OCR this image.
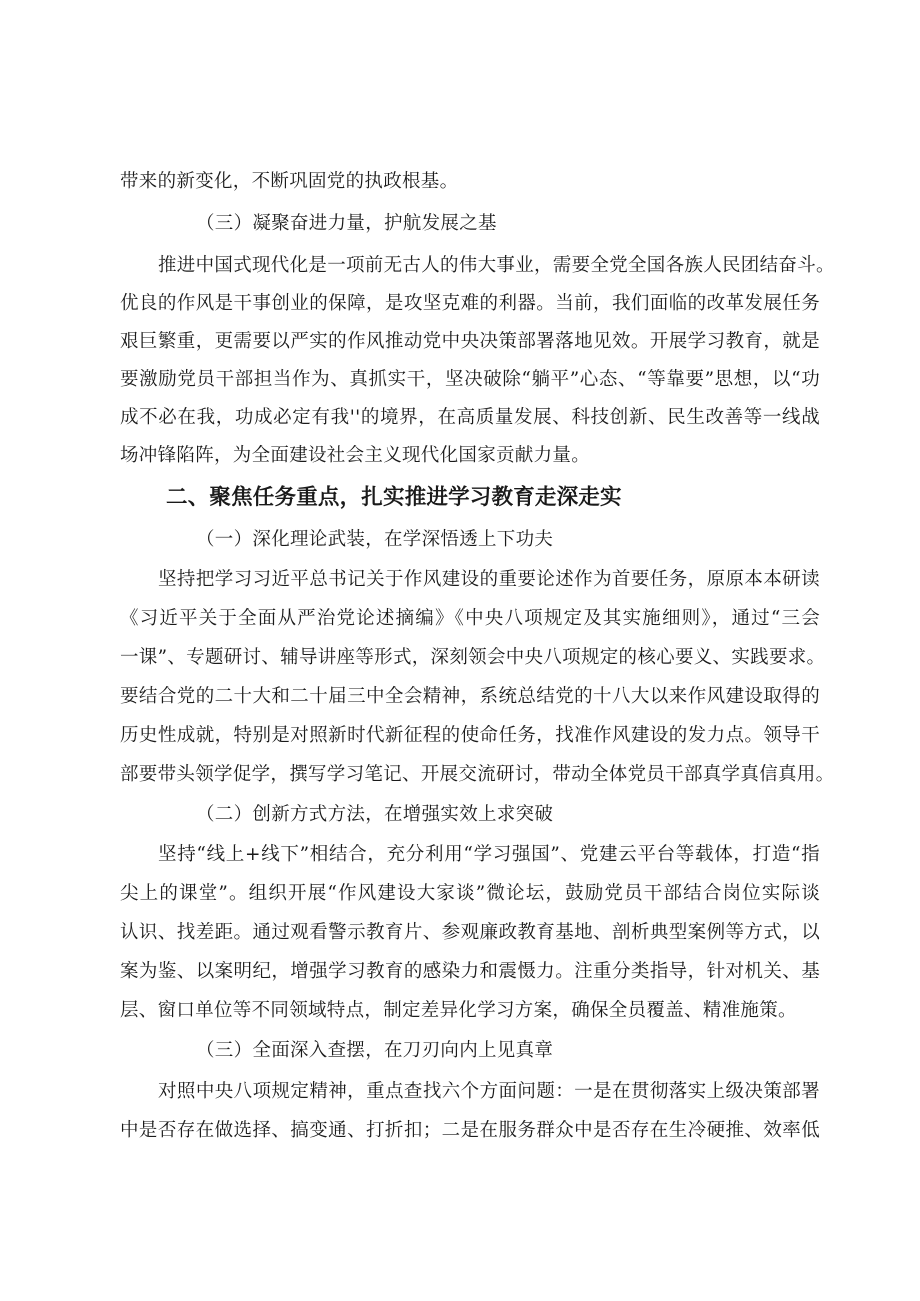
带来的新变化，不断巩固党的执政根基。
（三）凝聚奋进力量，护航发展之基
推进中国式现代化是一项前无古人的伟大事业，需要全党全国各族人民团结奋斗。
优良的作风是干事创业的保障，是攻坚克难的利器。当前，我们面临的改革发展任务
艰巨繁重，更需要以严实的作风推动党中央决策部署落地见效。开展学习教育，就是
要激励党员干部担当作为、真抓实干，坚决破除“躺平”心态、“等靠要”思想，以“功
成不必在我，功成必定有我''的境界，在高质量发展、科技创新、民生改善等一线战
场冲锋陷阵，为全面建设社会主义现代化国家贡献力量。
二、聚焦任务重点，扎实推进学习教育走深走实
（一）深化理论武装，在学深悟透上下功夫
坚持把学习习近平总书记关于作风建设的重要论述作为首要任务，原原本本研读
《习近平关于全面从严治党论述摘编》《中央八项规定及其实施细则》，通过“三会
一课”、专题研讨、辅导讲座等形式，深刻领会中央八项规定的核心要义、实践要求。
要结合党的二十大和二十届三中全会精神，系统总结党的十八大以来作风建设取得的
历史性成就，特别是对照新时代新征程的使命任务，找准作风建设的发力点。领导干
部要带头领学促学，撰写学习笔记、开展交流研讨，带动全体党员干部真学真信真用。
（二）创新方式方法，在增强实效上求突破
坚持“线上+线下”相结合，充分利用“学习强国”、党建云平台等载体，打造“指
尖上的课堂”。组织开展“作风建设大家谈”微论坛，鼓励党员干部结合岗位实际谈
认识、找差距。通过观看警示教育片、参观廉政教育基地、剖析典型案例等方式，以
案为鉴、以案明纪，增强学习教育的感染力和震慑力。注重分类指导，针对机关、基
层、窗口单位等不同领域特点，制定差异化学习方案，确保全员覆盖、精准施策。
（三）全面深入查摆，在刀刃向内上见真章
对照中央八项规定精神，重点查找六个方面问题：一是在贯彻落实上级决策部署
中是否存在做选择、搞变通、打折扣；二是在服务群众中是否存在生冷硬推、效率低
